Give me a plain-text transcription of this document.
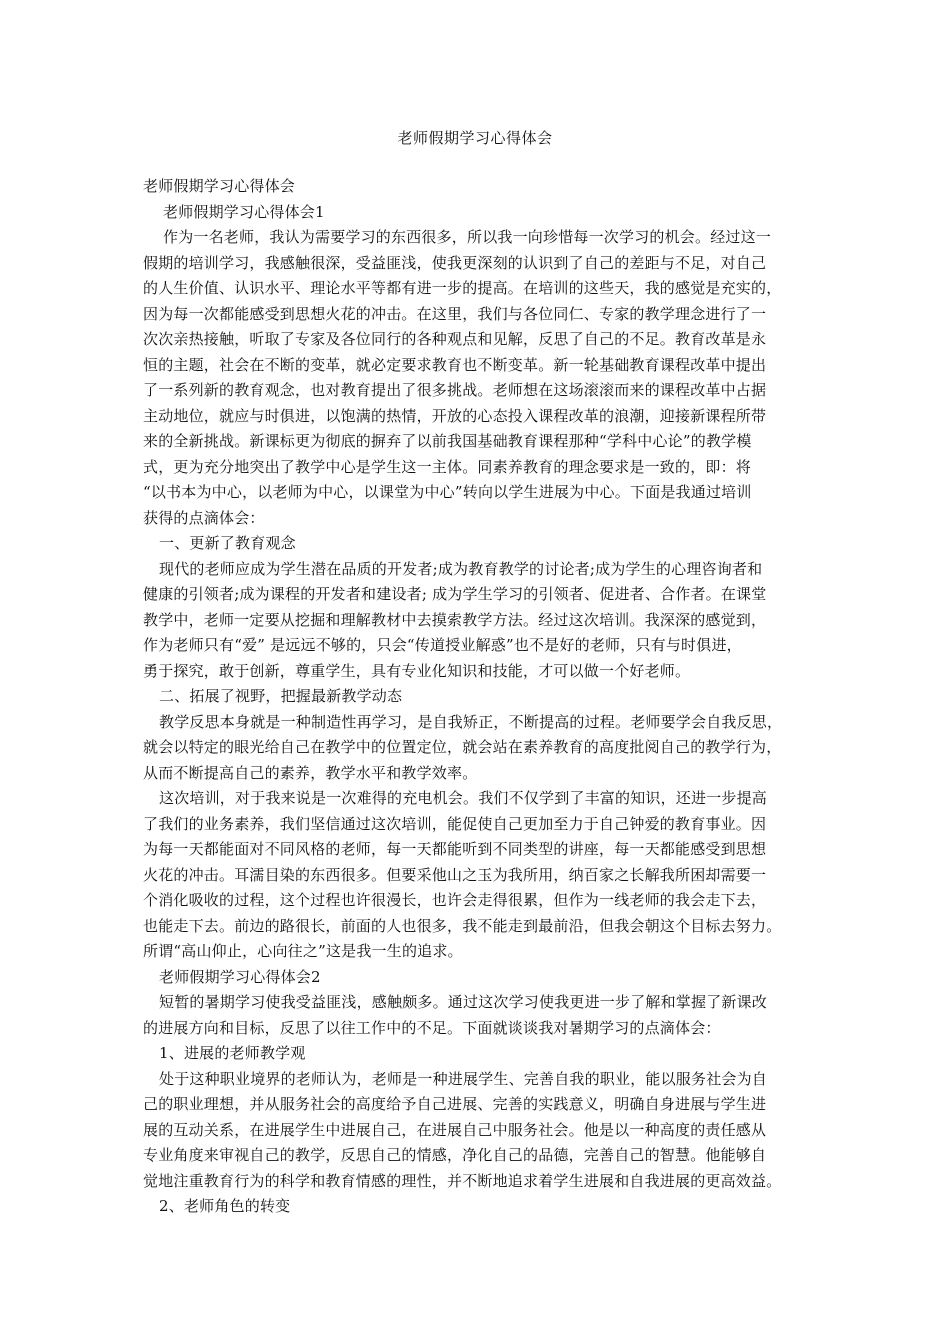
老师假期学习心得体会
老师假期学习心得体会
老师假期学习心得体会1
作为一名老师，我认为需要学习的东西很多，所以我一向珍惜每一次学习的机会。经过这一
假期的培训学习，我感触很深，受益匪浅，使我更深刻的认识到了自己的差距与不足，对自己
的人生价值、认识水平、理论水平等都有进一步的提高。在培训的这些天，我的感觉是充实的，
因为每一次都能感受到思想火花的冲击。在这里，我们与各位同仁、专家的教学理念进行了一
次次亲热接触，听取了专家及各位同行的各种观点和见解，反思了自己的不足。教育改革是永
恒的主题，社会在不断的变革，就必定要求教育也不断变革。新一轮基础教育课程改革中提出
了一系列新的教育观念，也对教育提出了很多挑战。老师想在这场滚滚而来的课程改革中占据
主动地位，就应与时俱进，以饱满的热情，开放的心态投入课程改革的浪潮，迎接新课程所带
来的全新挑战。新课标更为彻底的摒弃了以前我国基础教育课程那种“学科中心论”的教学模
式，更为充分地突出了教学中心是学生这一主体。同素养教育的理念要求是一致的，即：将
“以书本为中心，以老师为中心，以课堂为中心”转向以学生进展为中心。下面是我通过培训
获得的点滴体会：
一、更新了教育观念
现代的老师应成为学生潜在品质的开发者;成为教育教学的讨论者;成为学生的心理咨询者和
健康的引领者;成为课程的开发者和建设者; 成为学生学习的引领者、促进者、合作者。在课堂
教学中，老师一定要从挖掘和理解教材中去摸索教学方法。经过这次培训。我深深的感觉到，
作为老师只有“爱” 是远远不够的，只会“传道授业解惑”也不是好的老师，只有与时俱进，
勇于探究，敢于创新，尊重学生，具有专业化知识和技能，才可以做一个好老师。
二、拓展了视野，把握最新教学动态
教学反思本身就是一种制造性再学习，是自我矫正，不断提高的过程。老师要学会自我反思，
就会以特定的眼光给自己在教学中的位置定位，就会站在素养教育的高度批阅自己的教学行为，
从而不断提高自己的素养，教学水平和教学效率。
这次培训，对于我来说是一次难得的充电机会。我们不仅学到了丰富的知识，还进一步提高
了我们的业务素养，我们坚信通过这次培训，能促使自己更加至力于自己钟爱的教育事业。因
为每一天都能面对不同风格的老师，每一天都能听到不同类型的讲座，每一天都能感受到思想
火花的冲击。耳濡目染的东西很多。但要采他山之玉为我所用，纳百家之长解我所困却需要一
个消化吸收的过程，这个过程也许很漫长，也许会走得很累，但作为一线老师的我会走下去，
也能走下去。前边的路很长，前面的人也很多，我不能走到最前沿，但我会朝这个目标去努力。
所谓“高山仰止，心向往之”这是我一生的追求。
老师假期学习心得体会2
短暂的暑期学习使我受益匪浅，感触颇多。通过这次学习使我更进一步了解和掌握了新课改
的进展方向和目标，反思了以往工作中的不足。下面就谈谈我对暑期学习的点滴体会：
1、进展的老师教学观
处于这种职业境界的老师认为，老师是一种进展学生、完善自我的职业，能以服务社会为自
己的职业理想，并从服务社会的高度给予自己进展、完善的实践意义，明确自身进展与学生进
展的互动关系，在进展学生中进展自己，在进展自己中服务社会。他是以一种高度的责任感从
专业角度来审视自己的教学，反思自己的情感，净化自己的品德，完善自己的智慧。他能够自
觉地注重教育行为的科学和教育情感的理性，并不断地追求着学生进展和自我进展的更高效益。
2、老师角色的转变
